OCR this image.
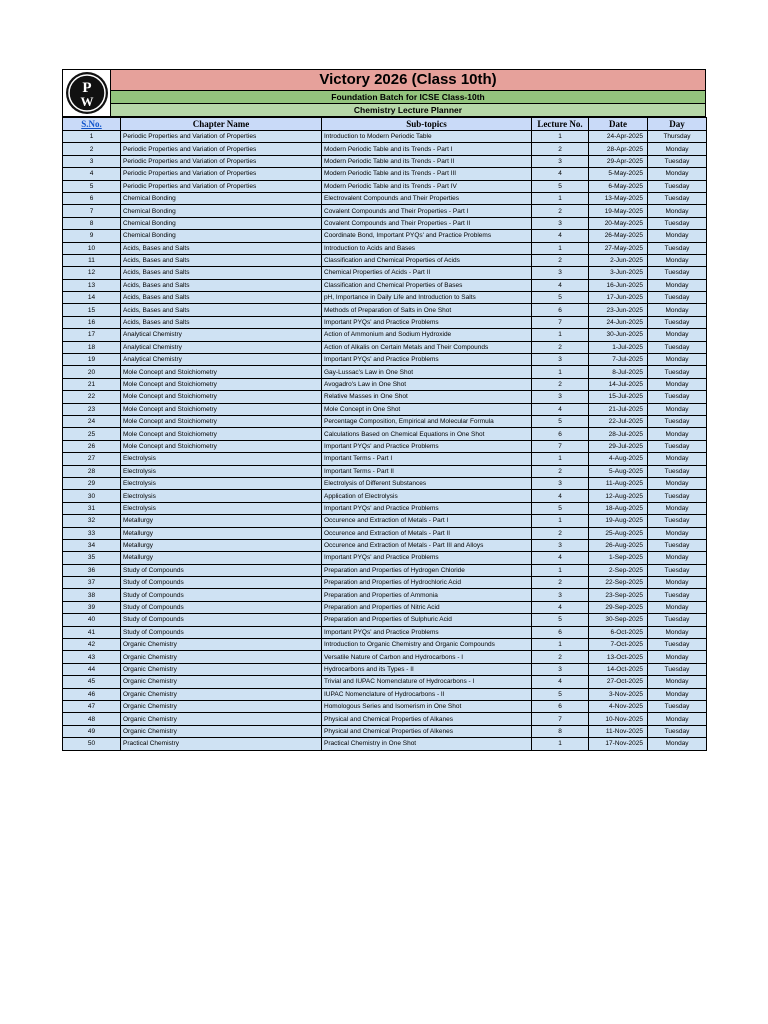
P
W
Victory 2026 (Class 10th)
Foundation Batch for ICSE Class-10th
Chemistry Lecture Planner
S.No.	Chapter Name	Sub-topics	Lecture No.	Date	Day
1	Periodic Properties and Variation of Properties	Introduction to Modern Periodic Table	1	24-Apr-2025	Thursday
2	Periodic Properties and Variation of Properties	Modern Periodic Table and its Trends - Part I	2	28-Apr-2025	Monday
3	Periodic Properties and Variation of Properties	Modern Periodic Table and its Trends - Part II	3	29-Apr-2025	Tuesday
4	Periodic Properties and Variation of Properties	Modern Periodic Table and its Trends - Part III	4	5-May-2025	Monday
5	Periodic Properties and Variation of Properties	Modern Periodic Table and its Trends - Part IV	5	6-May-2025	Tuesday
6	Chemical Bonding	Electrovalent Compounds and Their Properties	1	13-May-2025	Tuesday
7	Chemical Bonding	Covalent Compounds and Their Properties - Part I	2	19-May-2025	Monday
8	Chemical Bonding	Covalent Compounds and Their Properties - Part II	3	20-May-2025	Tuesday
9	Chemical Bonding	Coordinate Bond, Important PYQs' and Practice Problems	4	26-May-2025	Monday
10	Acids, Bases and Salts	Introduction to Acids and Bases	1	27-May-2025	Tuesday
11	Acids, Bases and Salts	Classification and Chemical Properties of Acids	2	2-Jun-2025	Monday
12	Acids, Bases and Salts	Chemical Properties of Acids - Part II	3	3-Jun-2025	Tuesday
13	Acids, Bases and Salts	Classification and Chemical Properties of Bases	4	16-Jun-2025	Monday
14	Acids, Bases and Salts	pH, Importance in Daily Life and Introduction to Salts	5	17-Jun-2025	Tuesday
15	Acids, Bases and Salts	Methods of Preparation of Salts in One Shot	6	23-Jun-2025	Monday
16	Acids, Bases and Salts	Important PYQs' and Practice Problems	7	24-Jun-2025	Tuesday
17	Analytical Chemistry	Action of Ammonium and Sodium Hydroxide	1	30-Jun-2025	Monday
18	Analytical Chemistry	Action of Alkalis on Certain Metals and Their Compounds	2	1-Jul-2025	Tuesday
19	Analytical Chemistry	Important PYQs' and Practice Problems	3	7-Jul-2025	Monday
20	Mole Concept and Stoichiometry	Gay-Lussac's Law in One Shot	1	8-Jul-2025	Tuesday
21	Mole Concept and Stoichiometry	Avogadro's Law in One Shot	2	14-Jul-2025	Monday
22	Mole Concept and Stoichiometry	Relative Masses in One Shot	3	15-Jul-2025	Tuesday
23	Mole Concept and Stoichiometry	Mole Concept in One Shot	4	21-Jul-2025	Monday
24	Mole Concept and Stoichiometry	Percentage Composition, Empirical and Molecular Formula	5	22-Jul-2025	Tuesday
25	Mole Concept and Stoichiometry	Calculations Based on Chemical Equations in One Shot	6	28-Jul-2025	Monday
26	Mole Concept and Stoichiometry	Important PYQs' and Practice Problems	7	29-Jul-2025	Tuesday
27	Electrolysis	Important Terms - Part I	1	4-Aug-2025	Monday
28	Electrolysis	Important Terms - Part II	2	5-Aug-2025	Tuesday
29	Electrolysis	Electrolysis of Different Substances	3	11-Aug-2025	Monday
30	Electrolysis	Application of Electrolysis	4	12-Aug-2025	Tuesday
31	Electrolysis	Important PYQs' and Practice Problems	5	18-Aug-2025	Monday
32	Metallurgy	Occurence and Extraction of Metals - Part I	1	19-Aug-2025	Tuesday
33	Metallurgy	Occurence and Extraction of Metals - Part II	2	25-Aug-2025	Monday
34	Metallurgy	Occurence and Extraction of Metals - Part III and Alloys	3	26-Aug-2025	Tuesday
35	Metallurgy	Important PYQs' and Practice Problems	4	1-Sep-2025	Monday
36	Study of Compounds	Preparation and Properties of Hydrogen Chloride	1	2-Sep-2025	Tuesday
37	Study of Compounds	Preparation and Properties of Hydrochloric Acid	2	22-Sep-2025	Monday
38	Study of Compounds	Preparation and Properties of Ammonia	3	23-Sep-2025	Tuesday
39	Study of Compounds	Preparation and Properties of Nitric Acid	4	29-Sep-2025	Monday
40	Study of Compounds	Preparation and Properties of Sulphuric Acid	5	30-Sep-2025	Tuesday
41	Study of Compounds	Important PYQs' and Practice Problems	6	6-Oct-2025	Monday
42	Organic Chemistry	Introduction to Organic Chemistry and Organic Compounds	1	7-Oct-2025	Tuesday
43	Organic Chemistry	Versatile Nature of Carbon and Hydrocarbons - I	2	13-Oct-2025	Monday
44	Organic Chemistry	Hydrocarbons and its Types - II	3	14-Oct-2025	Tuesday
45	Organic Chemistry	Trivial and IUPAC Nomenclature of Hydrocarbons - I	4	27-Oct-2025	Monday
46	Organic Chemistry	IUPAC Nomenclature of Hydrocarbons - II	5	3-Nov-2025	Monday
47	Organic Chemistry	Homologous Series and Isomerism in One Shot	6	4-Nov-2025	Tuesday
48	Organic Chemistry	Physical and Chemical Properties of Alkanes	7	10-Nov-2025	Monday
49	Organic Chemistry	Physical and Chemical Properties of Alkenes	8	11-Nov-2025	Tuesday
50	Practical Chemistry	Practical Chemistry in One Shot	1	17-Nov-2025	Monday
